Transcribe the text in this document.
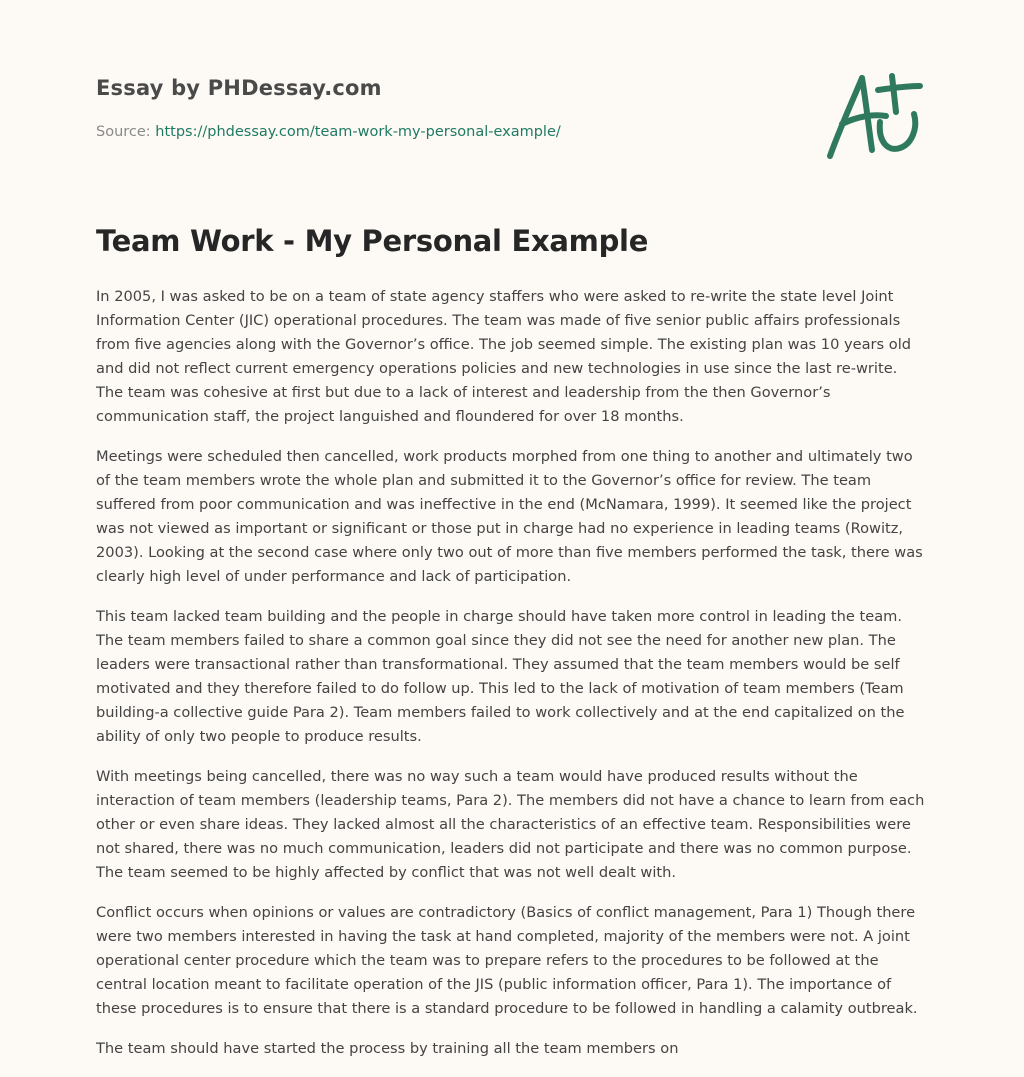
Essay by PHDessay.com
Source: https://phdessay.com/team-work-my-personal-example/
Team Work - My Personal Example

In 2005, I was asked to be on a team of state agency staffers who were asked to re-write the state level Joint Information Center (JIC) operational procedures. The team was made of five senior public affairs professionals from five agencies along with the Governor’s office. The job seemed simple. The existing plan was 10 years old and did not reflect current emergency operations policies and new technologies in use since the last re-write. The team was cohesive at first but due to a lack of interest and leadership from the then Governor’s communication staff, the project languished and floundered for over 18 months.

Meetings were scheduled then cancelled, work products morphed from one thing to another and ultimately two of the team members wrote the whole plan and submitted it to the Governor’s office for review. The team suffered from poor communication and was ineffective in the end (McNamara, 1999). It seemed like the project was not viewed as important or significant or those put in charge had no experience in leading teams (Rowitz, 2003). Looking at the second case where only two out of more than five members performed the task, there was clearly high level of under performance and lack of participation.

This team lacked team building and the people in charge should have taken more control in leading the team. The team members failed to share a common goal since they did not see the need for another new plan. The leaders were transactional rather than transformational. They assumed that the team members would be self motivated and they therefore failed to do follow up. This led to the lack of motivation of team members (Team building-a collective guide Para 2). Team members failed to work collectively and at the end capitalized on the ability of only two people to produce results.

With meetings being cancelled, there was no way such a team would have produced results without the interaction of team members (leadership teams, Para 2). The members did not have a chance to learn from each other or even share ideas. They lacked almost all the characteristics of an effective team. Responsibilities were not shared, there was no much communication, leaders did not participate and there was no common purpose. The team seemed to be highly affected by conflict that was not well dealt with.

Conflict occurs when opinions or values are contradictory (Basics of conflict management, Para 1) Though there were two members interested in having the task at hand completed, majority of the members were not. A joint operational center procedure which the team was to prepare refers to the procedures to be followed at the central location meant to facilitate operation of the JIS (public information officer, Para 1). The importance of these procedures is to ensure that there is a standard procedure to be followed in handling a calamity outbreak.

The team should have started the process by training all the team members on
